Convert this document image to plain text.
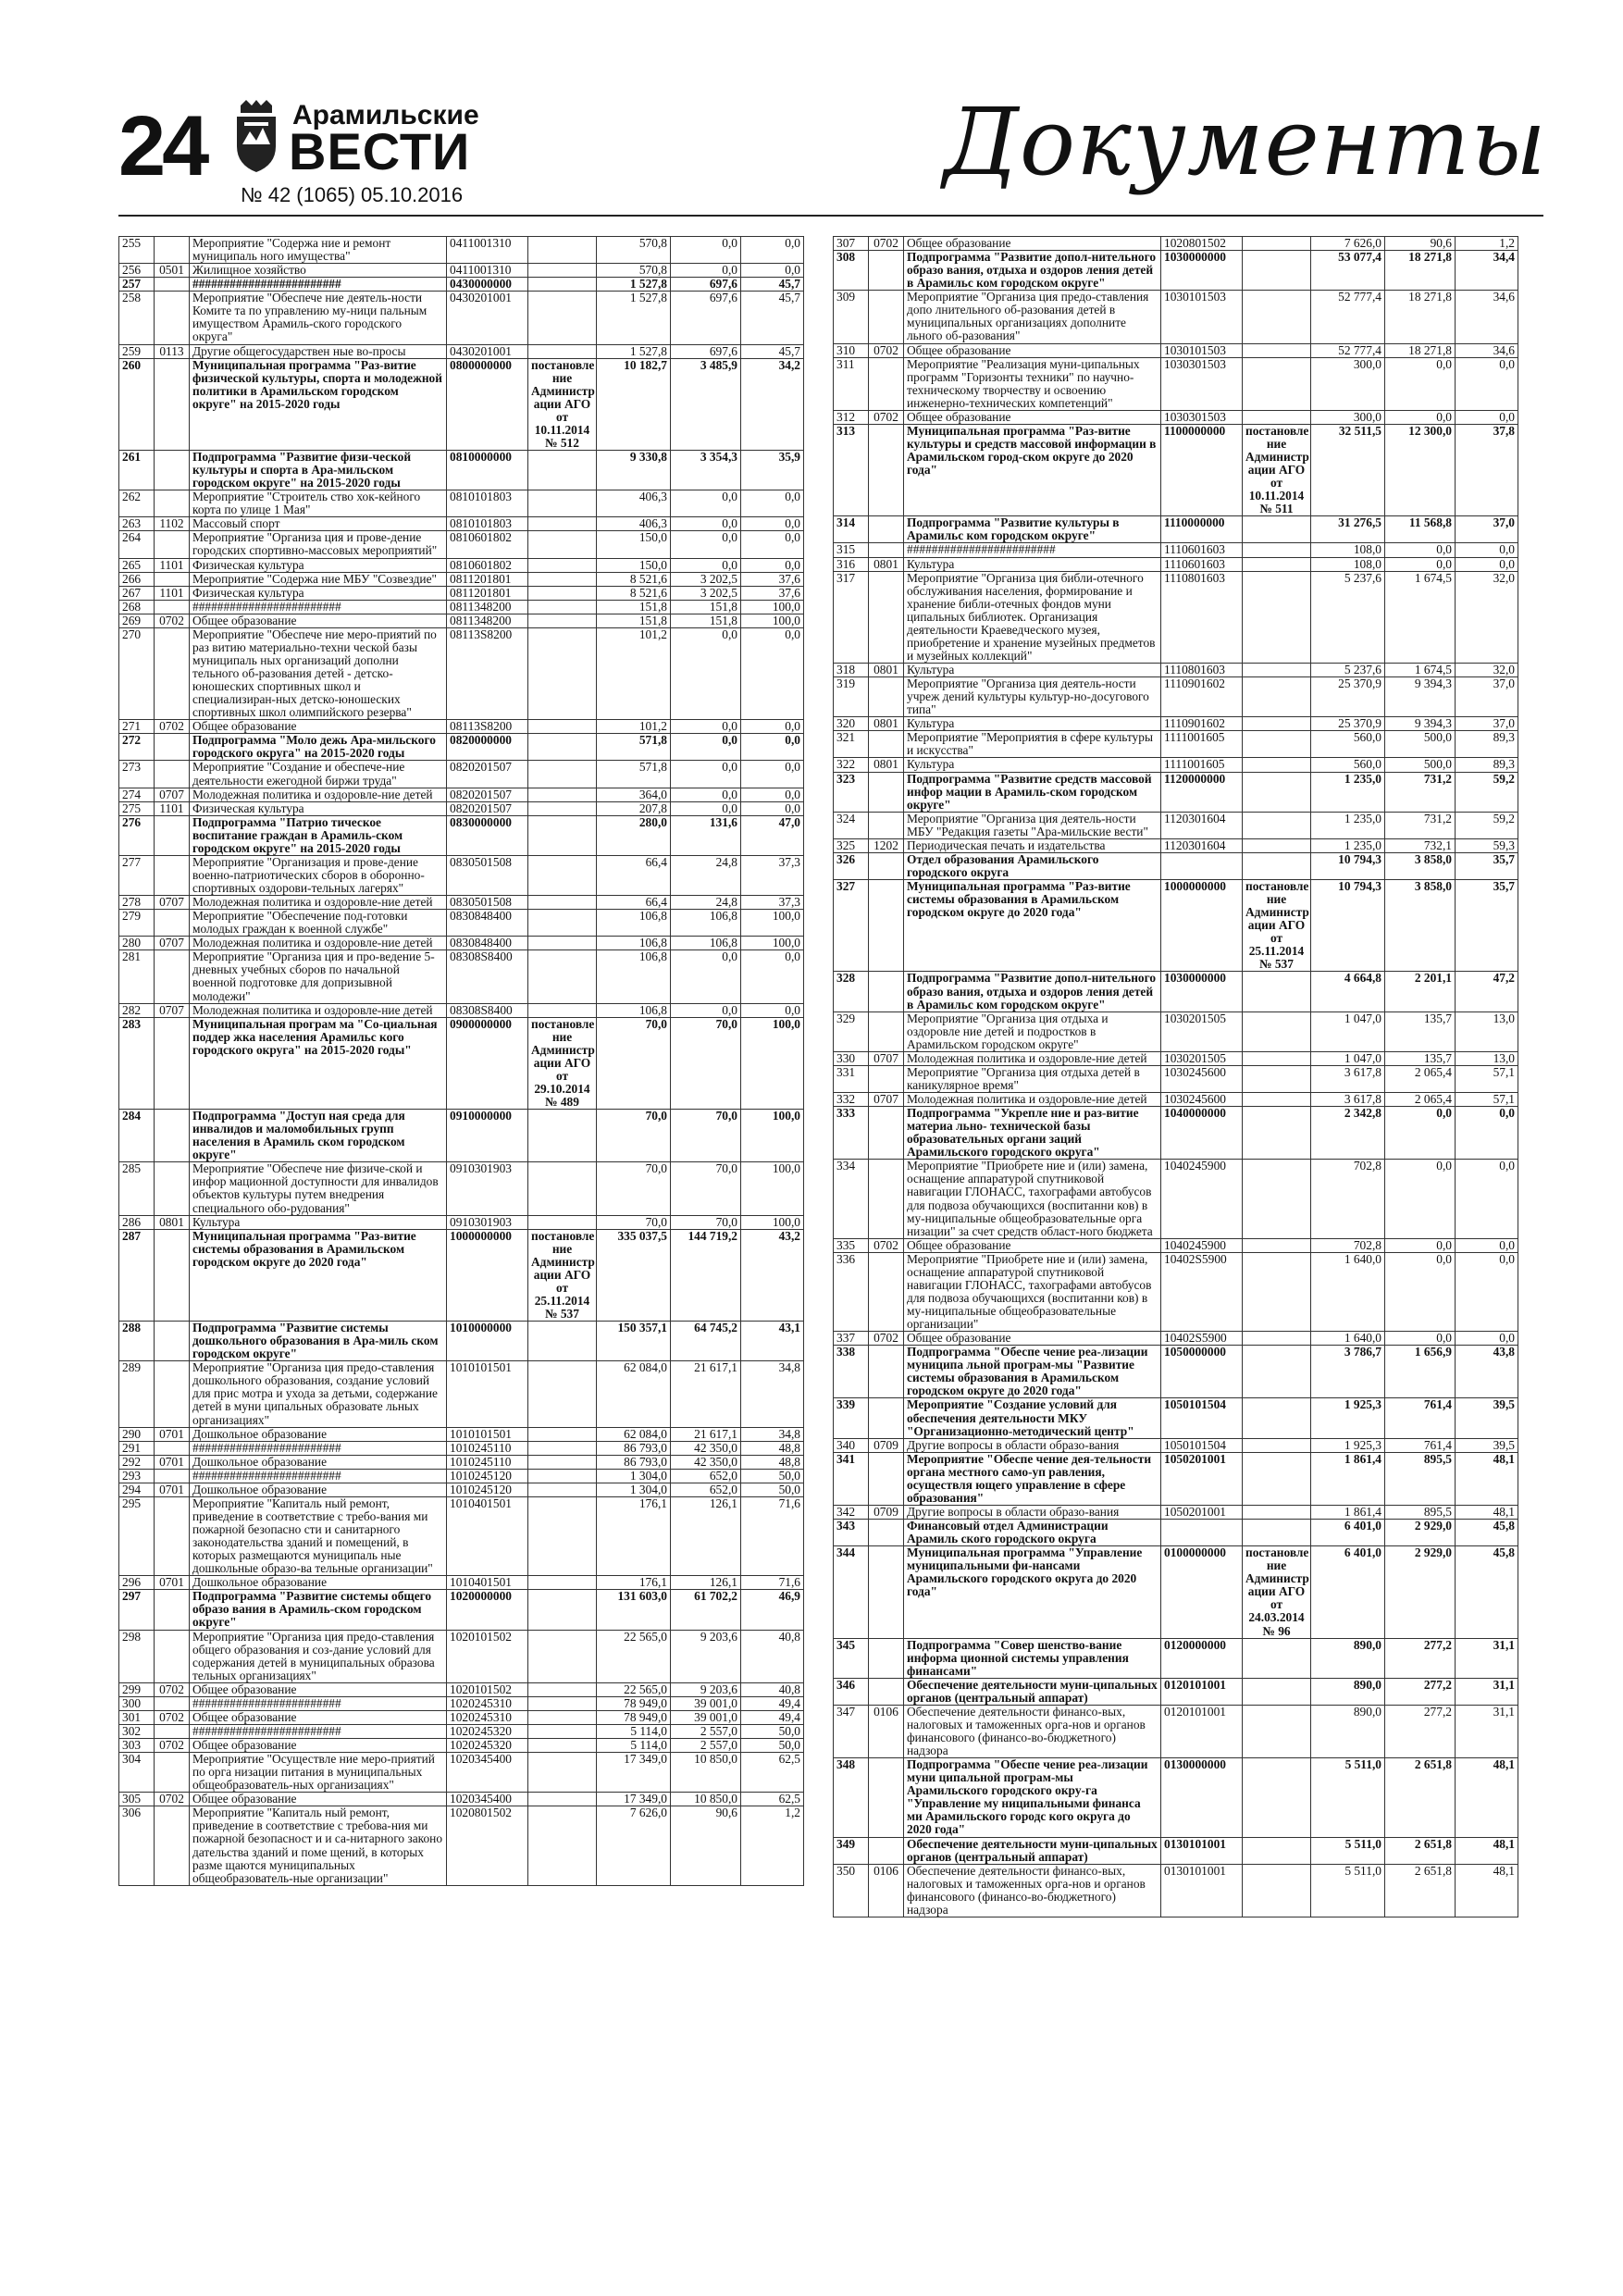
24	Арамильские
ВЕСТИ
№ 42 (1065) 05.10.2016	Документы
255		Мероприятие "Содержа ние и ремонт муниципаль ного имущества"	0411001310		570,8	0,0	0,0
256	0501	Жилищное хозяйство	0411001310		570,8	0,0	0,0
257		########################	0430000000		1 527,8	697,6	45,7
258		Мероприятие "Обеспече ние деятель-ности Комите та по управлению му-ници пальным имуществом Арамиль-ского городского округа"	0430201001		1 527,8	697,6	45,7
259	0113	Другие общегосударствен ные во-просы	0430201001		1 527,8	697,6	45,7
260		Муниципальная программа "Раз-витие физической культуры, спорта и молодежной политики в Арамильском городском округе" на 2015-2020 годы	0800000000	постановле ние Администр ации АГО от 10.11.2014 № 512	10 182,7	3 485,9	34,2
261		Подпрограмма "Развитие физи-ческой культуры и спорта в Ара-мильском городском округе" на 2015-2020 годы	0810000000		9 330,8	3 354,3	35,9
262		Мероприятие "Строитель ство хок-кейного корта по улице 1 Мая"	0810101803		406,3	0,0	0,0
263	1102	Массовый спорт	0810101803		406,3	0,0	0,0
264		Мероприятие "Организа ция и прове-дение городских спортивно-массовых мероприятий"	0810601802		150,0	0,0	0,0
265	1101	Физическая культура	0810601802		150,0	0,0	0,0
266		Мероприятие "Содержа ние МБУ "Созвездие"	0811201801		8 521,6	3 202,5	37,6
267	1101	Физическая культура	0811201801		8 521,6	3 202,5	37,6
268		########################	0811348200		151,8	151,8	100,0
269	0702	Общее образование	0811348200		151,8	151,8	100,0
270		Мероприятие "Обеспече ние меро-приятий по раз витию материально-техни ческой базы муниципаль ных организаций дополни тельного об-разования детей - детско-юношеских спортивных школ и специализиран-ных детско-юношеских спортивных школ олимпийского резерва"	08113S8200		101,2	0,0	0,0
271	0702	Общее образование	08113S8200		101,2	0,0	0,0
272		Подпрограмма "Моло дежь Ара-мильского городского округа" на 2015-2020 годы	0820000000		571,8	0,0	0,0
273		Мероприятие "Создание и обеспече-ние деятельности ежегодной биржи труда"	0820201507		571,8	0,0	0,0
274	0707	Молодежная политика и оздоровле-ние детей	0820201507		364,0	0,0	0,0
275	1101	Физическая культура	0820201507		207,8	0,0	0,0
276		Подпрограмма "Патрио тическое воспитание граждан в Арамиль-ском городском округе" на 2015-2020 годы	0830000000		280,0	131,6	47,0
277		Мероприятие "Организация и прове-дение военно-патриотических сборов в оборонно-спортивных оздорови-тельных лагерях"	0830501508		66,4	24,8	37,3
278	0707	Молодежная политика и оздоровле-ние детей	0830501508		66,4	24,8	37,3
279		Мероприятие "Обеспечение под-готовки молодых граждан к военной службе"	0830848400		106,8	106,8	100,0
280	0707	Молодежная политика и оздоровле-ние детей	0830848400		106,8	106,8	100,0
281		Мероприятие "Организа ция и про-ведение 5-дневных учебных сборов по начальной военной подготовке для допризывной молодежи"	08308S8400		106,8	0,0	0,0
282	0707	Молодежная политика и оздоровле-ние детей	08308S8400		106,8	0,0	0,0
283		Муниципальная програм ма "Со-циальная поддер жка населения Арамильс кого городского округа" на 2015-2020 годы"	0900000000	постановле ние Администр ации АГО от 29.10.2014 № 489	70,0	70,0	100,0
284		Подпрограмма "Доступ ная среда для инвалидов и маломобильных групп населения в Арамиль ском городском округе"	0910000000		70,0	70,0	100,0
285		Мероприятие "Обеспече ние физиче-ской и инфор мационной доступности для инвалидов объектов культуры путем внедрения специального обо-рудования"	0910301903		70,0	70,0	100,0
286	0801	Культура	0910301903		70,0	70,0	100,0
287		Муниципальная программа "Раз-витие системы образования в Арамильском городском округе до 2020 года"	1000000000	постановле ние Администр ации АГО от 25.11.2014 № 537	335 037,5	144 719,2	43,2
288		Подпрограмма "Развитие системы дошкольного образования в Ара-миль ском городском округе"	1010000000		150 357,1	64 745,2	43,1
289		Мероприятие "Организа ция предо-ставления дошкольного образования, создание условий для прис мотра и ухода за детьми, содержание детей в муни ципальных образовате льных организациях"	1010101501		62 084,0	21 617,1	34,8
290	0701	Дошкольное образование	1010101501		62 084,0	21 617,1	34,8
291		########################	1010245110		86 793,0	42 350,0	48,8
292	0701	Дошкольное образование	1010245110		86 793,0	42 350,0	48,8
293		########################	1010245120		1 304,0	652,0	50,0
294	0701	Дошкольное образование	1010245120		1 304,0	652,0	50,0
295		Мероприятие "Капиталь ный ремонт, приведение в соответствие с требо-вания ми пожарной безопасно сти и санитарного законодательства зданий и помещений, в которых размещаются муниципаль ные дошкольные образо-ва тельные организации"	1010401501		176,1	126,1	71,6
296	0701	Дошкольное образование	1010401501		176,1	126,1	71,6
297		Подпрограмма "Развитие системы общего образо вания в Арамиль-ском городском округе"	1020000000		131 603,0	61 702,2	46,9
298		Мероприятие "Организа ция предо-ставления общего образования и соз-дание условий для содержания детей в муниципальных образова тельных организациях"	1020101502		22 565,0	9 203,6	40,8
299	0702	Общее образование	1020101502		22 565,0	9 203,6	40,8
300		########################	1020245310		78 949,0	39 001,0	49,4
301	0702	Общее образование	1020245310		78 949,0	39 001,0	49,4
302		########################	1020245320		5 114,0	2 557,0	50,0
303	0702	Общее образование	1020245320		5 114,0	2 557,0	50,0
304		Мероприятие "Осуществле ние меро-приятий по орга низации питания в муниципальных общеобразователь-ных организациях"	1020345400		17 349,0	10 850,0	62,5
305	0702	Общее образование	1020345400		17 349,0	10 850,0	62,5
306		Мероприятие "Капиталь ный ремонт, приведение в соответствие с требова-ния ми пожарной безопасност и и са-нитарного законо дательства зданий и поме щений, в которых разме щаются муниципальных общеобразователь-ные организации"	1020801502		7 626,0	90,6	1,2
307	0702	Общее образование	1020801502		7 626,0	90,6	1,2
308		Подпрограмма "Развитие допол-нительного образо вания, отдыха и оздоров ления детей в Арамильс ком городском округе"	1030000000		53 077,4	18 271,8	34,4
309		Мероприятие "Организа ция предо-ставления допо лнительного об-разования детей в муниципальных организациях дополните льного об-разования"	1030101503		52 777,4	18 271,8	34,6
310	0702	Общее образование	1030101503		52 777,4	18 271,8	34,6
311		Мероприятие "Реализация муни-ципальных программ "Горизонты техники" по научно-техническому творчеству и освоению инженерно-технических компетенций"	1030301503		300,0	0,0	0,0
312	0702	Общее образование	1030301503		300,0	0,0	0,0
313		Муниципальная программа "Раз-витие культуры и средств массовой информации в Арамильском город-ском округе до 2020 года"	1100000000	постановле ние Администр ации АГО от 10.11.2014 № 511	32 511,5	12 300,0	37,8
314		Подпрограмма "Развитие культуры в Арамильс ком городском округе"	1110000000		31 276,5	11 568,8	37,0
315		########################	1110601603		108,0	0,0	0,0
316	0801	Культура	1110601603		108,0	0,0	0,0
317		Мероприятие "Организа ция библи-отечного обслуживания населения, формирование и хранение библи-отечных фондов муни ципальных библиотек. Организация деятельности Краеведческого музея, приобретение и хранение музейных предметов и музейных коллекций"	1110801603		5 237,6	1 674,5	32,0
318	0801	Культура	1110801603		5 237,6	1 674,5	32,0
319		Мероприятие "Организа ция деятель-ности учреж дений культуры культур-но-досугового типа"	1110901602		25 370,9	9 394,3	37,0
320	0801	Культура	1110901602		25 370,9	9 394,3	37,0
321		Мероприятие "Мероприятия в сфере культуры и искусства"	1111001605		560,0	500,0	89,3
322	0801	Культура	1111001605		560,0	500,0	89,3
323		Подпрограмма "Развитие средств массовой инфор мации в Арамиль-ском городском округе"	1120000000		1 235,0	731,2	59,2
324		Мероприятие "Организа ция деятель-ности МБУ "Редакция газеты "Ара-мильские вести"	1120301604		1 235,0	731,2	59,2
325	1202	Периодическая печать и издательства	1120301604		1 235,0	732,1	59,3
326		Отдел образования Арамильского городского округа			10 794,3	3 858,0	35,7
327		Муниципальная программа "Раз-витие системы образования в Арамильском городском округе до 2020 года"	1000000000	постановле ние Администр ации АГО от 25.11.2014 № 537	10 794,3	3 858,0	35,7
328		Подпрограмма "Развитие допол-нительного образо вания, отдыха и оздоров ления детей в Арамильс ком городском округе"	1030000000		4 664,8	2 201,1	47,2
329		Мероприятие "Организа ция отдыха и оздоровле ние детей и подростков в Арамильском городском округе"	1030201505		1 047,0	135,7	13,0
330	0707	Молодежная политика и оздоровле-ние детей	1030201505		1 047,0	135,7	13,0
331		Мероприятие "Организа ция отдыха детей в каникулярное время"	1030245600		3 617,8	2 065,4	57,1
332	0707	Молодежная политика и оздоровле-ние детей	1030245600		3 617,8	2 065,4	57,1
333		Подпрограмма "Укрепле ние и раз-витие материа льно- технической базы образовательных органи заций Арамильского городского округа"	1040000000		2 342,8	0,0	0,0
334		Мероприятие "Приобрете ние и (или) замена, оснащение аппаратурой спутниковой навигации ГЛОНАСС, тахографами автобусов для подвоза обучающихся (воспитанни ков) в му-ниципальные общеобразовательные орга низации" за счет средств област-ного бюджета	1040245900		702,8	0,0	0,0
335	0702	Общее образование	1040245900		702,8	0,0	0,0
336		Мероприятие "Приобрете ние и (или) замена, оснащение аппаратурой спутниковой навигации ГЛОНАСС, тахографами автобусов для подвоза обучающихся (воспитанни ков) в му-ниципальные общеобразовательные организации"	10402S5900		1 640,0	0,0	0,0
337	0702	Общее образование	10402S5900		1 640,0	0,0	0,0
338		Подпрограмма "Обеспе чение реа-лизации муниципа льной програм-мы "Развитие системы образования в Арамильском городском округе до 2020 года"	1050000000		3 786,7	1 656,9	43,8
339		Мероприятие "Создание условий для обеспечения деятельности МКУ "Организационно-методический центр"	1050101504		1 925,3	761,4	39,5
340	0709	Другие вопросы в области образо-вания	1050101504		1 925,3	761,4	39,5
341		Мероприятие "Обеспе чение дея-тельности органа местного само-уп равления, осуществля ющего управление в сфере образования"	1050201001		1 861,4	895,5	48,1
342	0709	Другие вопросы в области образо-вания	1050201001		1 861,4	895,5	48,1
343		Финансовый отдел Администрации Арамиль ского городского округа			6 401,0	2 929,0	45,8
344		Муниципальная программа "Управление муниципальными фи-нансами Арамильского городского округа до 2020 года"	0100000000	постановле ние Администр ации АГО от 24.03.2014 № 96	6 401,0	2 929,0	45,8
345		Подпрограмма "Совер шенство-вание информа ционной системы управления финансами"	0120000000		890,0	277,2	31,1
346		Обеспечение деятельности муни-ципальных органов (центральный аппарат)	0120101001		890,0	277,2	31,1
347	0106	Обеспечение деятельности финансо-вых, налоговых и таможенных орга-нов и органов финансового (финансо-во-бюджетного) надзора	0120101001		890,0	277,2	31,1
348		Подпрограмма "Обеспе чение реа-лизации муни ципальной програм-мы Арамильского городского окру-га "Управление му ниципальными финанса ми Арамильского городс кого округа до 2020 года"	0130000000		5 511,0	2 651,8	48,1
349		Обеспечение деятельности муни-ципальных органов (центральный аппарат)	0130101001		5 511,0	2 651,8	48,1
350	0106	Обеспечение деятельности финансо-вых, налоговых и таможенных орга-нов и органов финансового (финансо-во-бюджетного) надзора	0130101001		5 511,0	2 651,8	48,1
